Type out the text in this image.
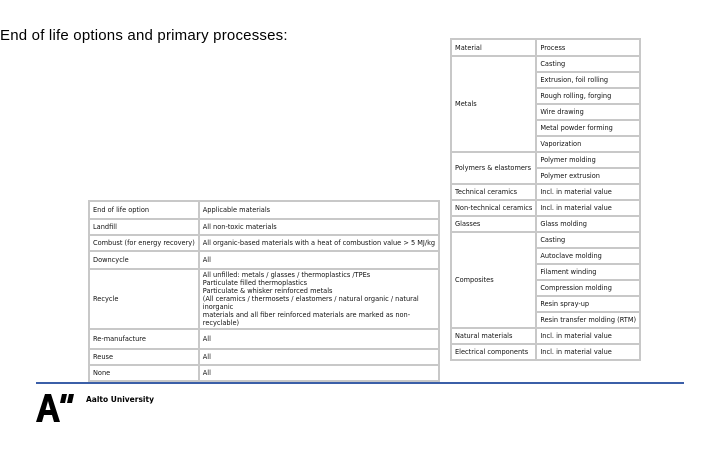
End of life options and primary processes:
End of life option	Applicable materials
Landfill	All non-toxic materials
Combust (for energy recovery)	All organic-based materials with a heat of combustion value > 5 MJ/kg
Downcycle	All
Recycle	All unfilled: metals / glasses / thermoplastics /TPEs
Particulate filled thermoplastics
Particulate & whisker reinforced metals
(All ceramics / thermosets / elastomers / natural organic / natural inorganic
materials and all fiber reinforced materials are marked as non-recyclable)

Re-manufacture	All
Reuse	All
None	All
Material	Process
Metals	Casting
	Extrusion, foil rolling
	Rough rolling, forging
	Wire drawing
	Metal powder forming
	Vaporization
Polymers & elastomers	Polymer molding
	Polymer extrusion
Technical ceramics	Incl. in material value
Non-technical ceramics	Incl. in material value
Glasses	Glass molding
Composites	Casting
	Autoclave molding
	Filament winding
	Compression molding
	Resin spray-up
	Resin transfer molding (RTM)
Natural materials	Incl. in material value
Electrical components	Incl. in material value
Aalto University
